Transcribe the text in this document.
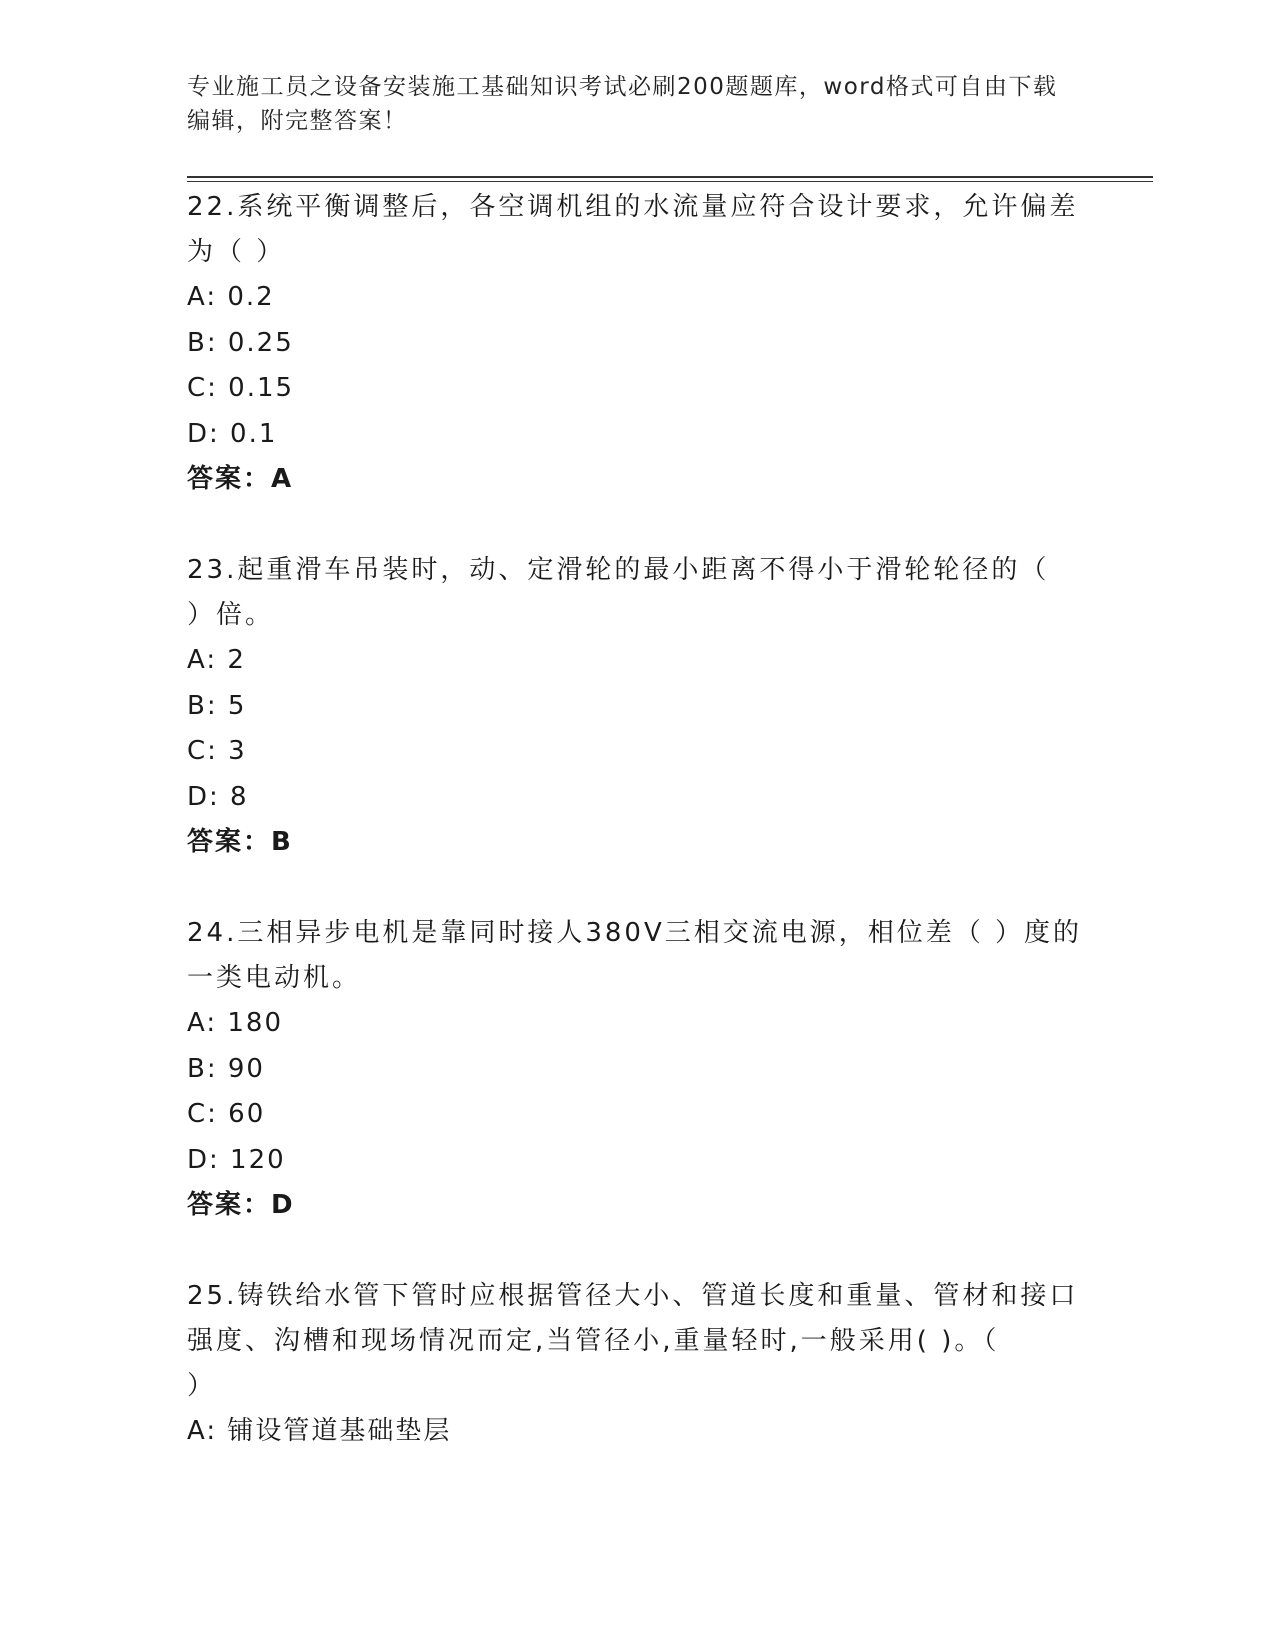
专业施工员之设备安装施工基础知识考试必刷200题题库，word格式可自由下载
编辑，附完整答案！

22.系统平衡调整后，各空调机组的水流量应符合设计要求，允许偏差

为（ ）

A: 0.2

B: 0.25

C: 0.15

D: 0.1

答案：A

23.起重滑车吊装时，动、定滑轮的最小距离不得小于滑轮轮径的（

）倍。

A: 2

B: 5

C: 3

D: 8

答案：B

24.三相异步电机是靠同时接人380V三相交流电源，相位差（ ）度的

一类电动机。

A: 180

B: 90

C: 60

D: 120

答案：D

25.铸铁给水管下管时应根据管径大小、管道长度和重量、管材和接口

强度、沟槽和现场情况而定,当管径小,重量轻时,一般采用( )。（

）

A: 铺设管道基础垫层
